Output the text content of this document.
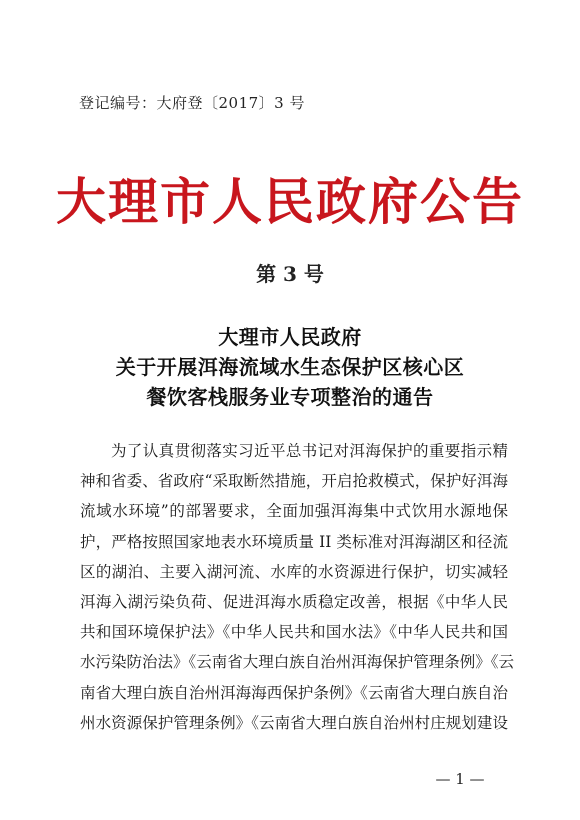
登记编号：大府登〔2017〕3 号
大理市人民政府公告
第 3 号
大理市人民政府
关于开展洱海流域水生态保护区核心区
餐饮客栈服务业专项整治的通告
为了认真贯彻落实习近平总书记对洱海保护的重要指示精
神和省委、省政府“采取断然措施，开启抢救模式，保护好洱海
流域水环境”的部署要求，全面加强洱海集中式饮用水源地保
护，严格按照国家地表水环境质量 II 类标准对洱海湖区和径流
区的湖泊、主要入湖河流、水库的水资源进行保护，切实减轻
洱海入湖污染负荷、促进洱海水质稳定改善，根据《中华人民
共和国环境保护法》《中华人民共和国水法》《中华人民共和国
水污染防治法》《云南省大理白族自治州洱海保护管理条例》《云
南省大理白族自治州洱海海西保护条例》《云南省大理白族自治
州水资源保护管理条例》《云南省大理白族自治州村庄规划建设
— 1 —
